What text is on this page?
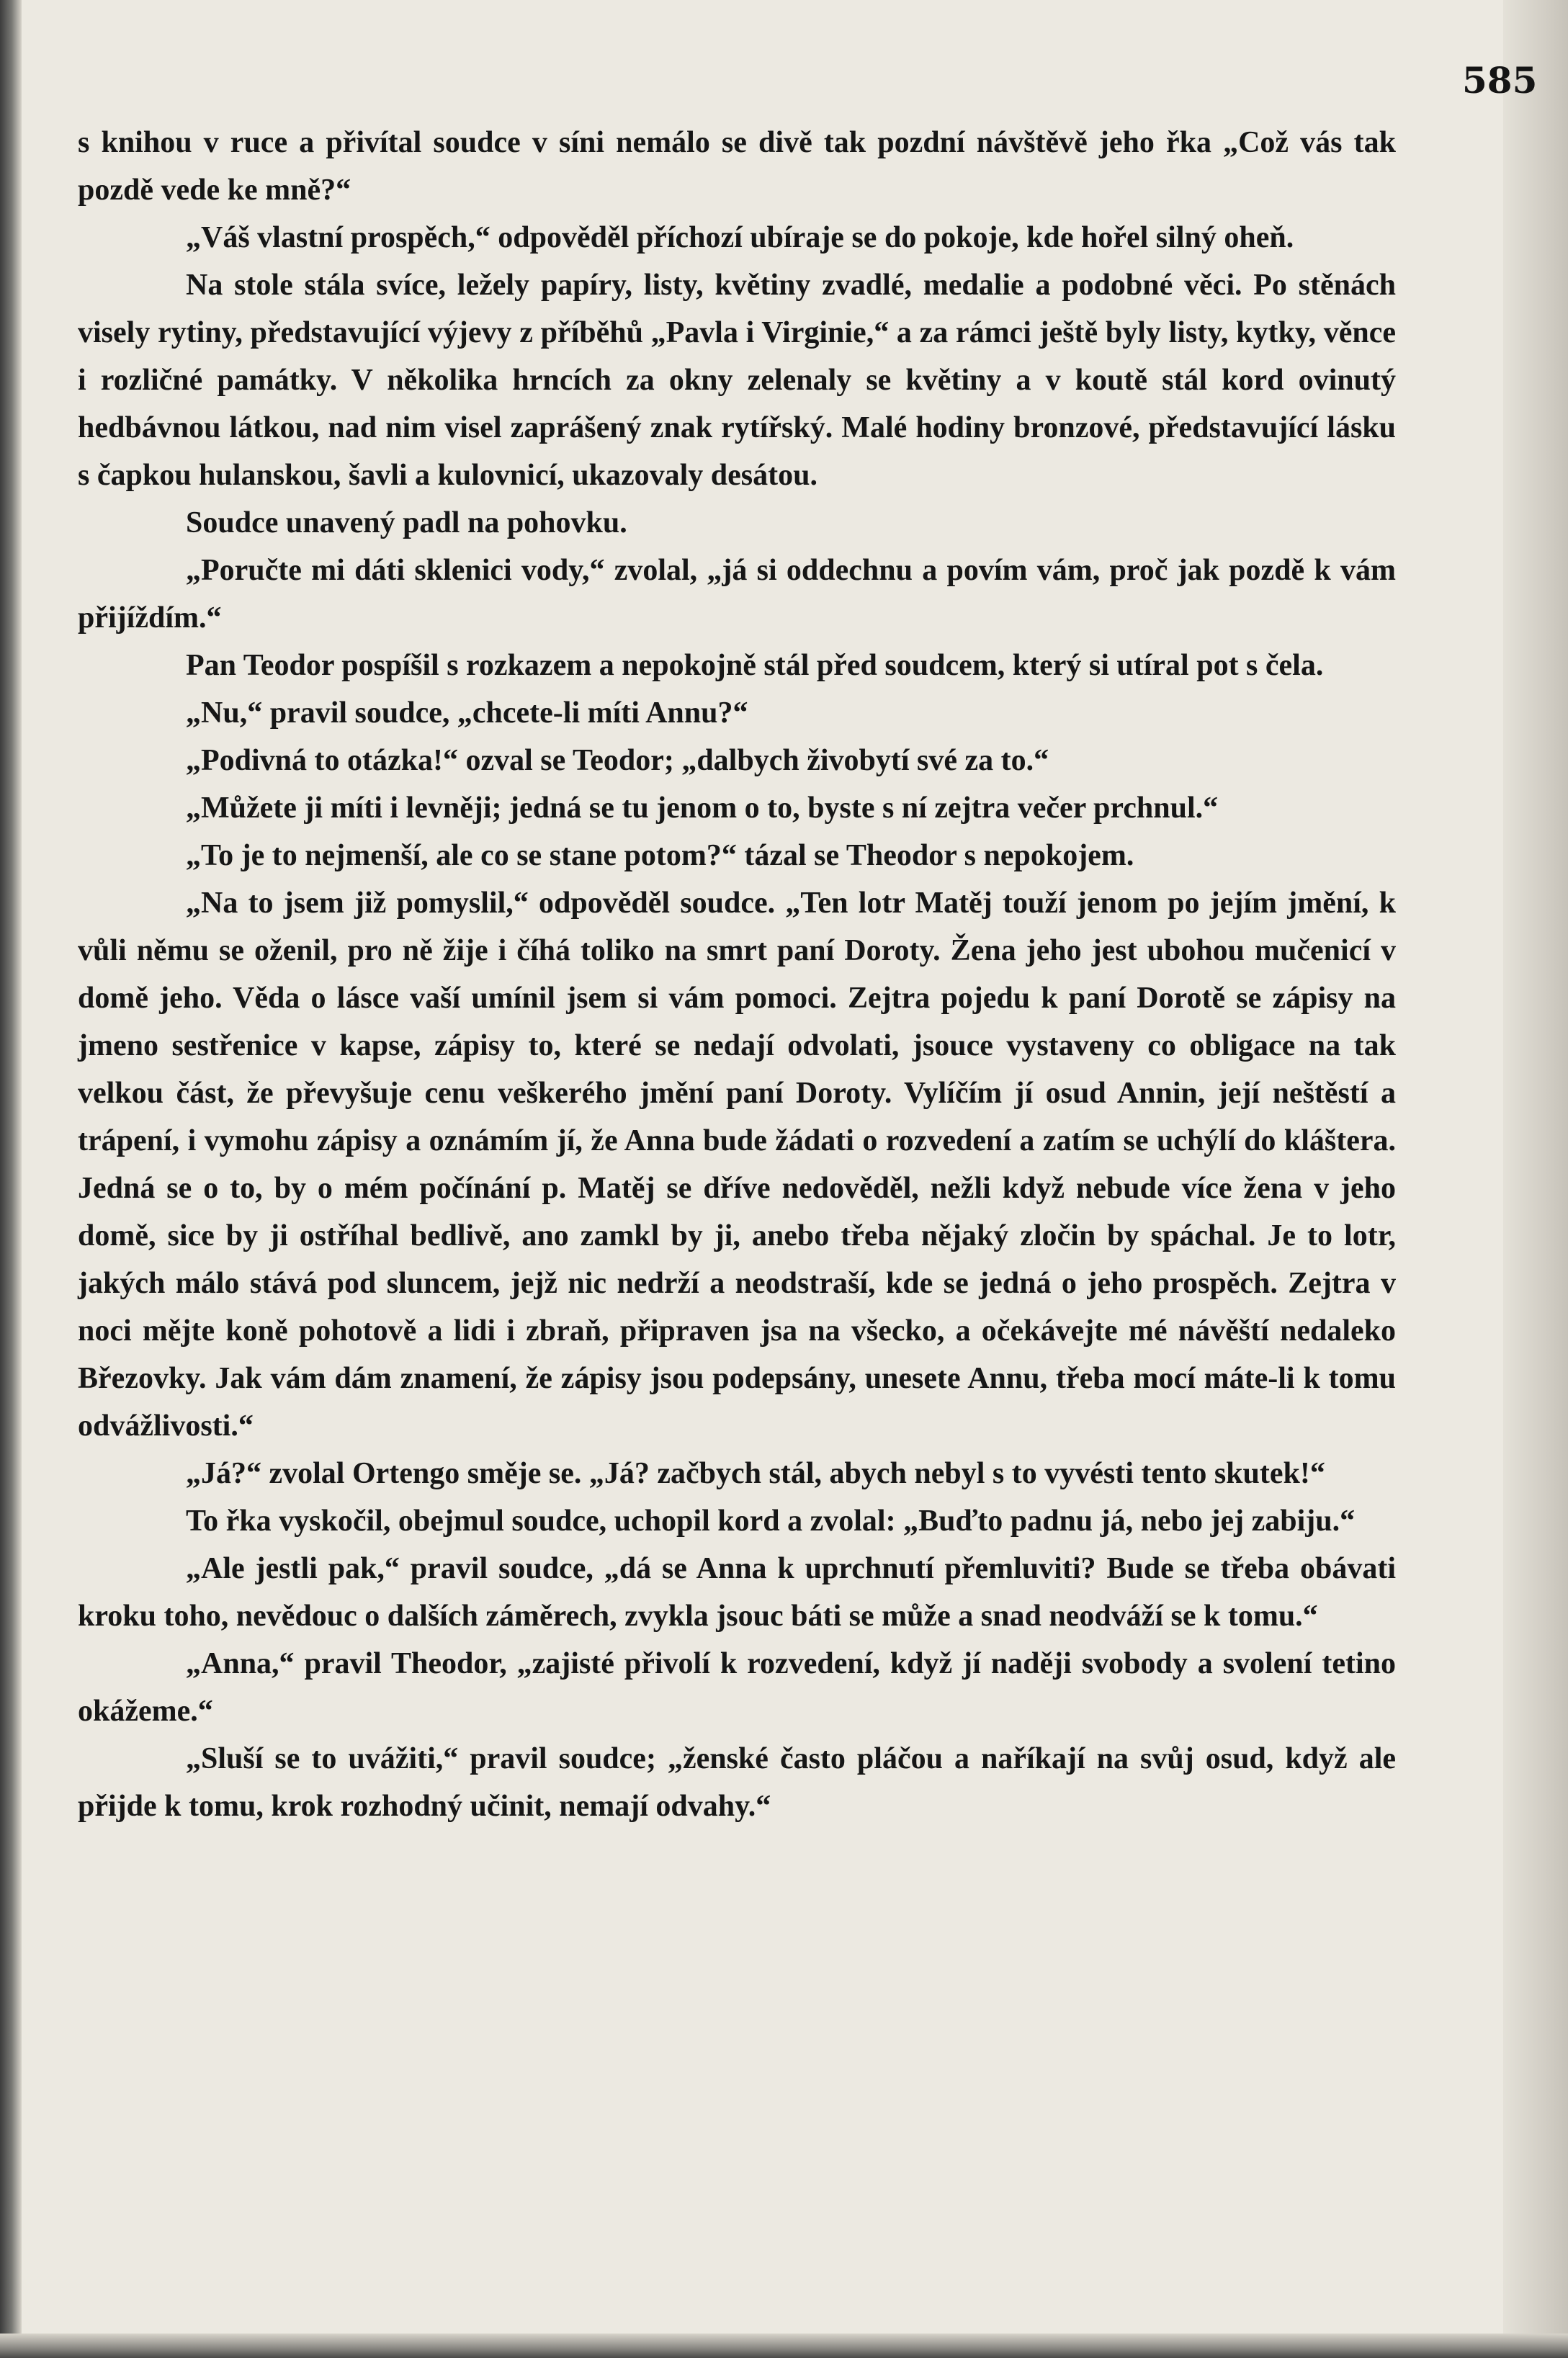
585

s knihou v ruce a přivítal soudce v síni nemálo se divě tak pozdní návštěvě jeho řka „Což vás tak pozdě vede ke mně?“

„Váš vlastní prospěch,“ odpověděl příchozí ubíraje se do pokoje, kde hořel silný oheň.

Na stole stála svíce, ležely papíry, listy, květiny zvadlé, medalie a podobné věci. Po stěnách visely rytiny, představující výjevy z příběhů „Pavla i Virginie,“ a za rámci ještě byly listy, kytky, věnce i rozličné památky. V několika hrncích za okny zelenaly se květiny a v koutě stál kord ovinutý hedbávnou látkou, nad nim visel zaprášený znak rytířský. Malé hodiny bronzové, představující lásku s čapkou hulanskou, šavli a kulovnicí, ukazovaly desátou.

Soudce unavený padl na pohovku.

„Poručte mi dáti sklenici vody,“ zvolal, „já si oddechnu a povím vám, proč jak pozdě k vám přijíždím.“

Pan Teodor pospíšil s rozkazem a nepokojně stál před soudcem, který si utíral pot s čela.

„Nu,“ pravil soudce, „chcete-li míti Annu?“

„Podivná to otázka!“ ozval se Teodor; „dalbych živobytí své za to.“

„Můžete ji míti i levněji; jedná se tu jenom o to, byste s ní zejtra večer prchnul.“

„To je to nejmenší, ale co se stane potom?“ tázal se Theodor s nepokojem.

„Na to jsem již pomyslil,“ odpověděl soudce. „Ten lotr Matěj touží jenom po jejím jmění, k vůli němu se oženil, pro ně žije i číhá toliko na smrt paní Doroty. Žena jeho jest ubohou mučenicí v domě jeho. Věda o lásce vaší umínil jsem si vám pomoci. Zejtra pojedu k paní Dorotě se zápisy na jmeno sestřenice v kapse, zápisy to, které se nedají odvolati, jsouce vystaveny co obligace na tak velkou část, že převyšuje cenu veškerého jmění paní Doroty. Vylíčím jí osud Annin, její neštěstí a trápení, i vymohu zápisy a oznámím jí, že Anna bude žádati o rozvedení a zatím se uchýlí do kláštera. Jedná se o to, by o mém počínání p. Matěj se dříve nedověděl, nežli když nebude více žena v jeho domě, sice by ji ostříhal bedlivě, ano zamkl by ji, anebo třeba nějaký zločin by spáchal. Je to lotr, jakých málo stává pod sluncem, jejž nic nedrží a neodstraší, kde se jedná o jeho prospěch. Zejtra v noci mějte koně pohotově a lidi i zbraň, připraven jsa na všecko, a očekávejte mé návěští nedaleko Březovky. Jak vám dám znamení, že zápisy jsou podepsány, unesete Annu, třeba mocí máte-li k tomu odvážlivosti.“

„Já?“ zvolal Ortengo směje se. „Já? začbych stál, abych nebyl s to vyvésti tento skutek!“

To řka vyskočil, obejmul soudce, uchopil kord a zvolal: „Buďto padnu já, nebo jej zabiju.“

„Ale jestli pak,“ pravil soudce, „dá se Anna k uprchnutí přemluviti? Bude se třeba obávati kroku toho, nevědouc o dalších záměrech, zvykla jsouc báti se může a snad neodváží se k tomu.“

„Anna,“ pravil Theodor, „zajisté přivolí k rozvedení, když jí naději svobody a svolení tetino okážeme.“

„Sluší se to uvážiti,“ pravil soudce; „ženské často pláčou a naříkají na svůj osud, když ale přijde k tomu, krok rozhodný učinit, nemají odvahy.“
